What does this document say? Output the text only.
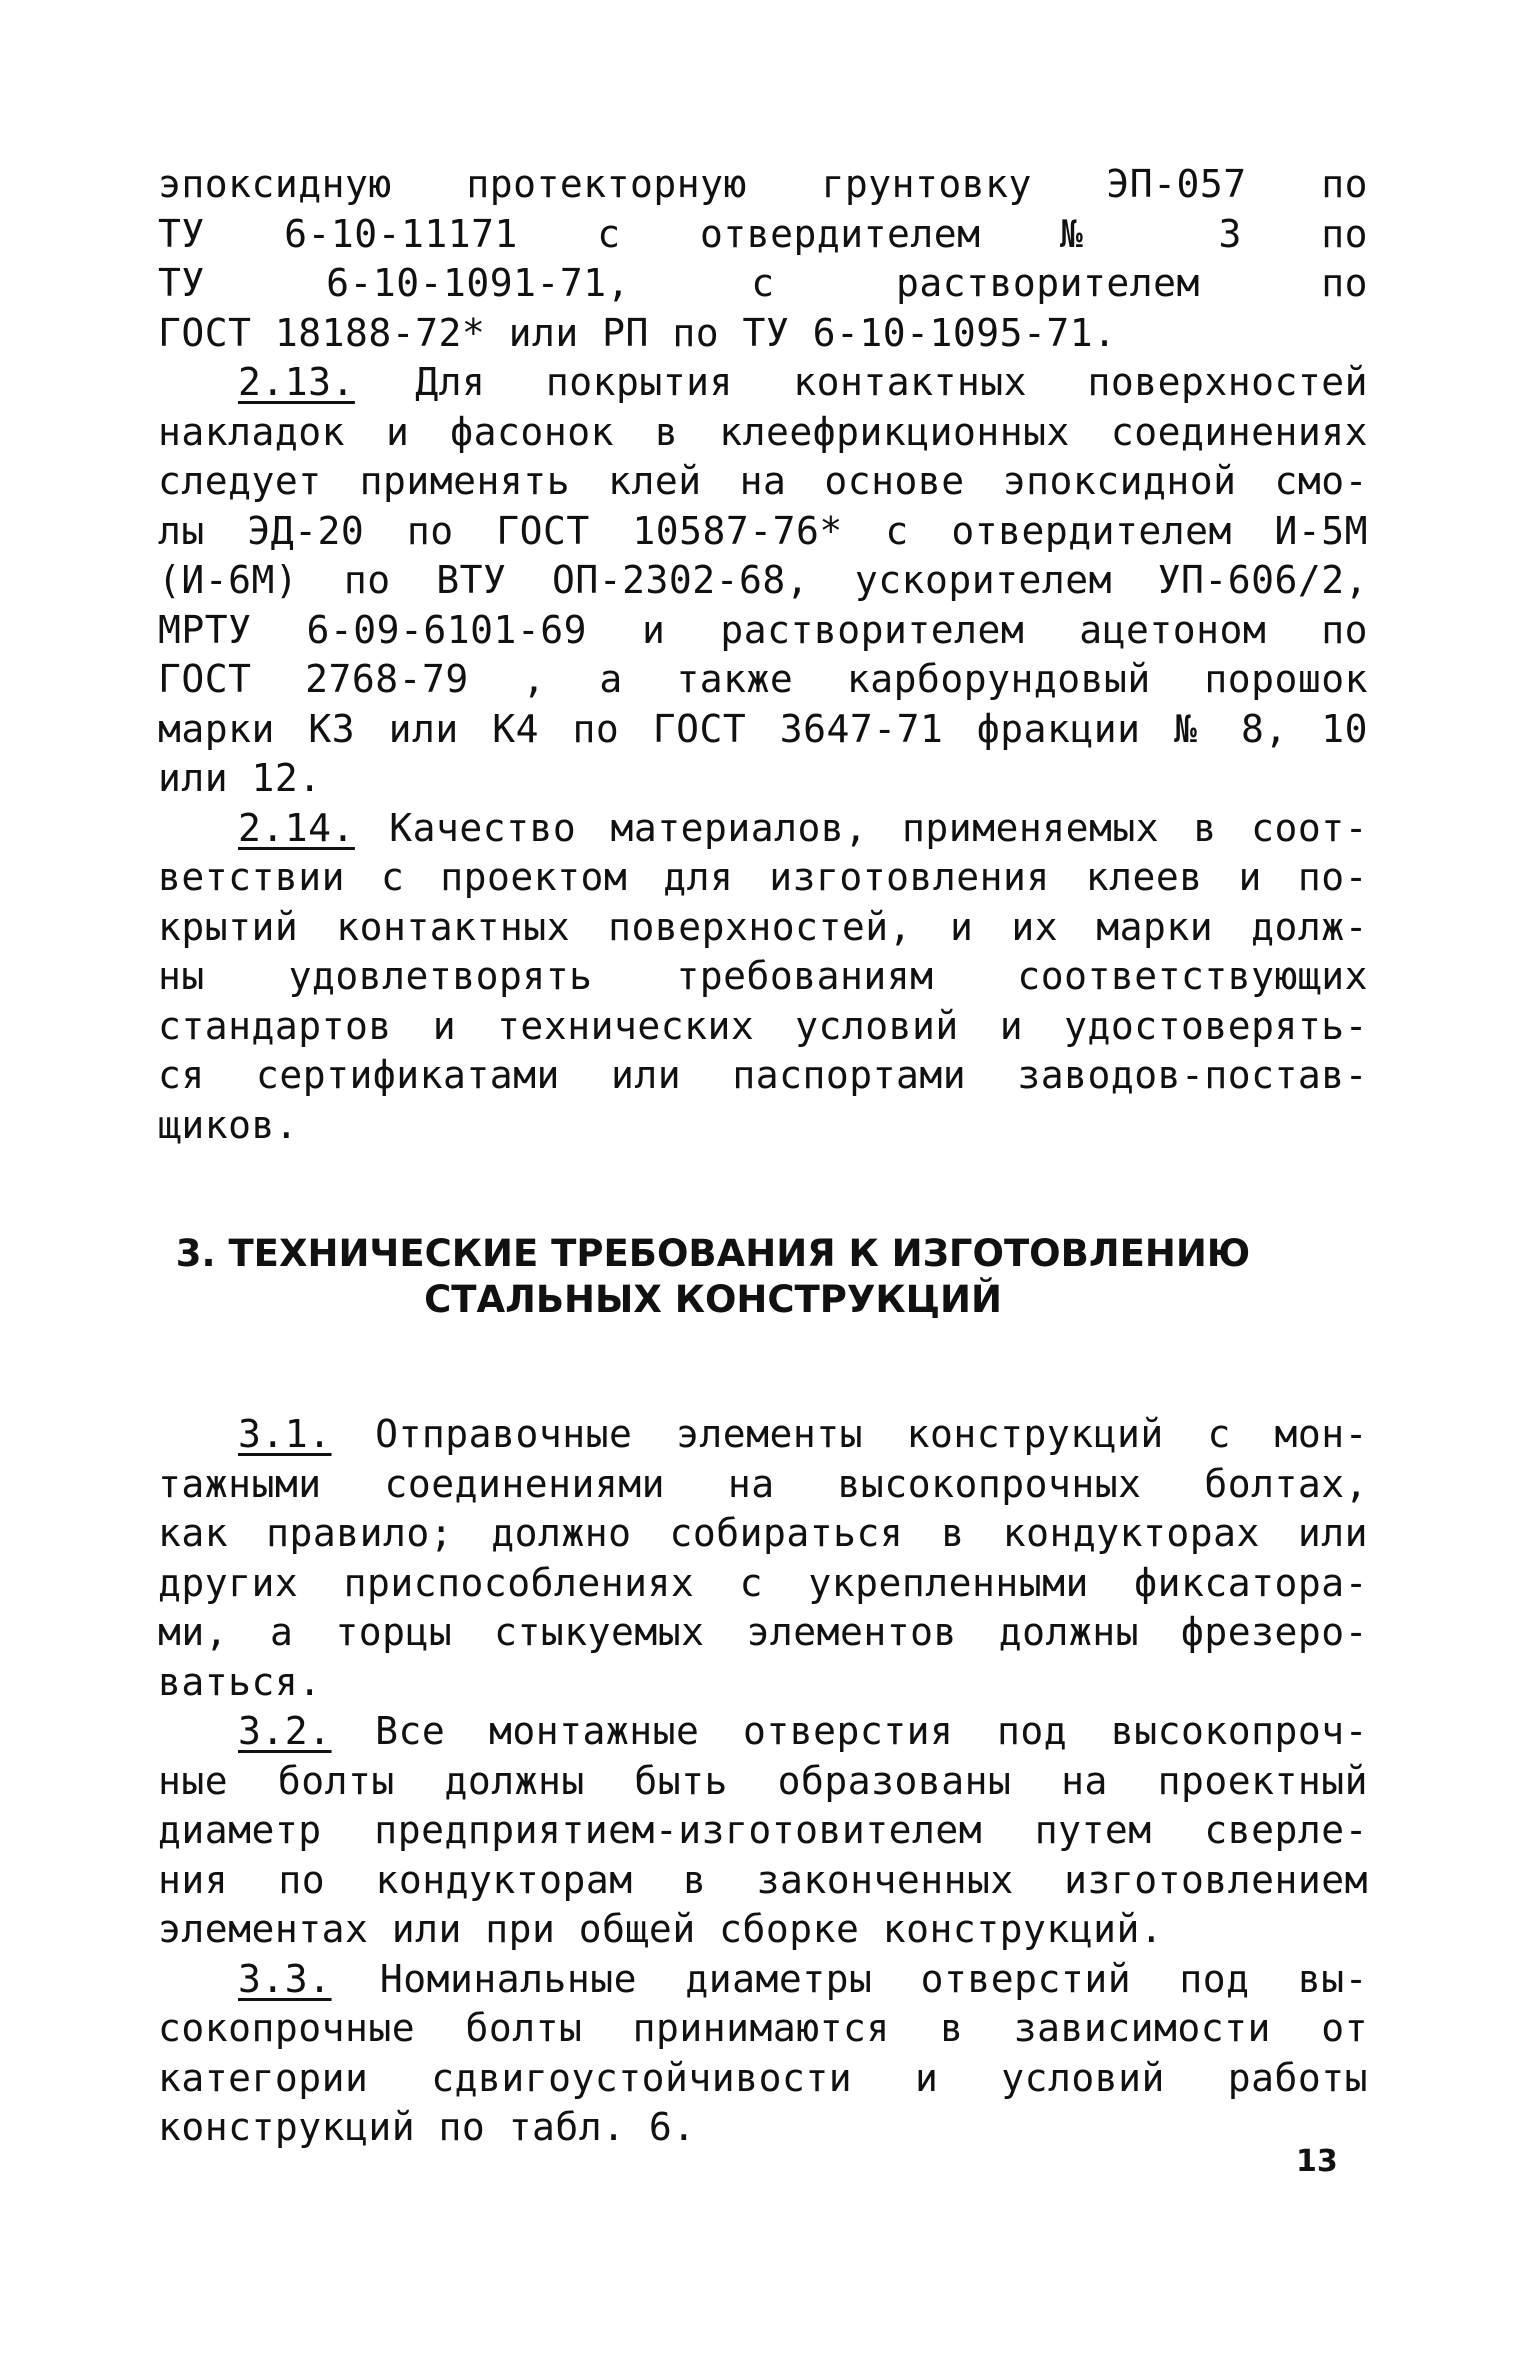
эпоксидную протекторную грунтовку ЭП-057 по
ТУ 6-10-11171 с отвердителем № 3 по
ТУ 6-10-1091-71, с растворителем по
ГОСТ 18188-72* или РП по ТУ 6-10-1095-71.
2.13. Для покрытия контактных поверхностей
накладок и фасонок в клеефрикционных соединениях
следует применять клей на основе эпоксидной смо-
лы ЭД-20 по ГОСТ 10587-76* с отвердителем И-5М
(И-6М) по ВТУ ОП-2302-68, ускорителем УП-606/2,
МРТУ 6-09-6101-69 и растворителем ацетоном по
ГОСТ 2768-79 , а также карборундовый порошок
марки К3 или К4 по ГОСТ 3647-71 фракции № 8, 10
или 12.
2.14. Качество материалов, применяемых в соот-
ветствии с проектом для изготовления клеев и по-
крытий контактных поверхностей, и их марки долж-
ны удовлетворять требованиям соответствующих
стандартов и технических условий и удостоверять-
ся сертификатами или паспортами заводов-постав-
щиков.
3. ТЕХНИЧЕСКИЕ ТРЕБОВАНИЯ К ИЗГОТОВЛЕНИЮ
СТАЛЬНЫХ КОНСТРУКЦИЙ
3.1. Отправочные элементы конструкций с мон-
тажными соединениями на высокопрочных болтах,
как правило; должно собираться в кондукторах или
других приспособлениях с укрепленными фиксатора-
ми, а торцы стыкуемых элементов должны фрезеро-
ваться.
3.2. Все монтажные отверстия под высокопроч-
ные болты должны быть образованы на проектный
диаметр предприятием-изготовителем путем сверле-
ния по кондукторам в законченных изготовлением
элементах или при общей сборке конструкций.
3.3. Номинальные диаметры отверстий под вы-
сокопрочные болты принимаются в зависимости от
категории сдвигоустойчивости и условий работы
конструкций по табл. 6.
13
